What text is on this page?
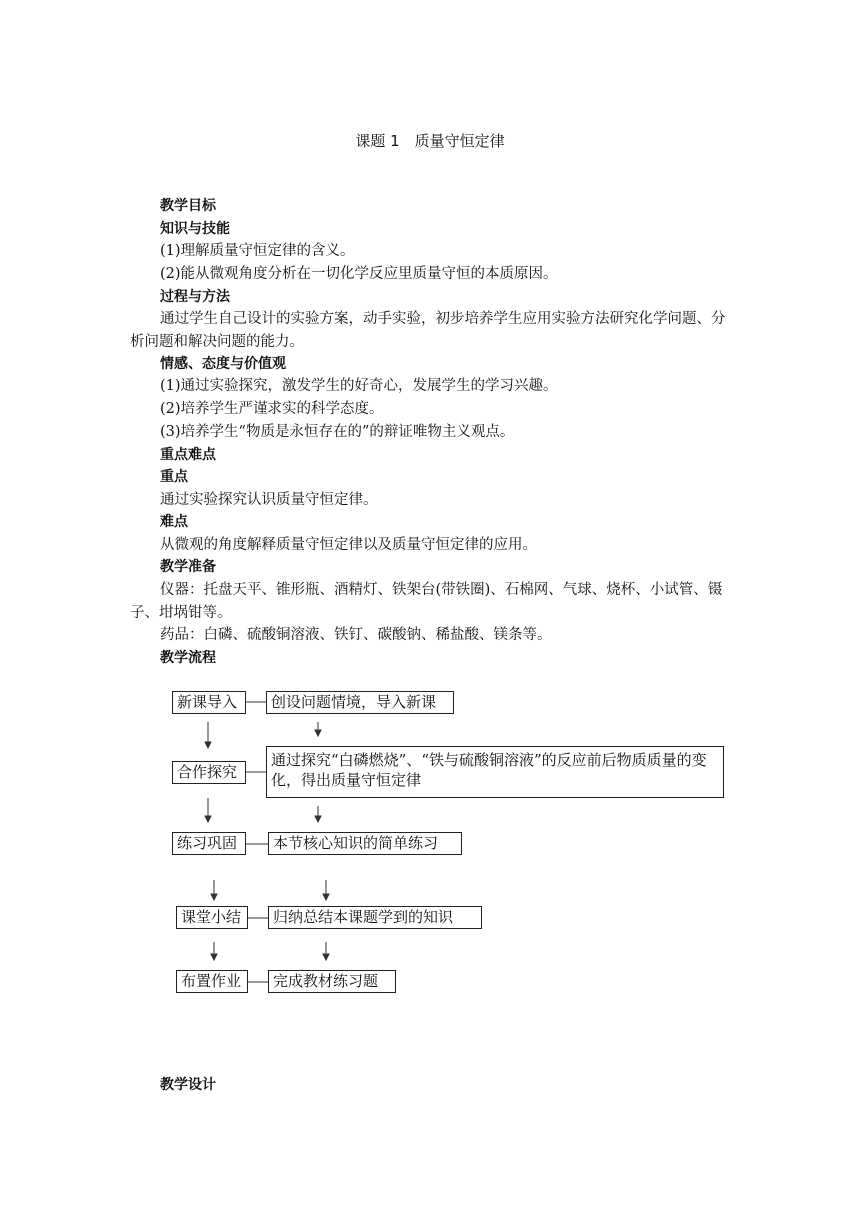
课题 1　质量守恒定律
教学目标
知识与技能
(1)理解质量守恒定律的含义。
(2)能从微观角度分析在一切化学反应里质量守恒的本质原因。
过程与方法
通过学生自己设计的实验方案，动手实验，初步培养学生应用实验方法研究化学问题、分析问题和解决问题的能力。
情感、态度与价值观
(1)通过实验探究，激发学生的好奇心，发展学生的学习兴趣。
(2)培养学生严谨求实的科学态度。
(3)培养学生“物质是永恒存在的”的辩证唯物主义观点。
重点难点
重点
通过实验探究认识质量守恒定律。
难点
从微观的角度解释质量守恒定律以及质量守恒定律的应用。
教学准备
仪器：托盘天平、锥形瓶、酒精灯、铁架台(带铁圈)、石棉网、气球、烧杯、小试管、镊子、坩埚钳等。
药品：白磷、硫酸铜溶液、铁钉、碳酸钠、稀盐酸、镁条等。
教学流程
新课导入	创设问题情境，导入新课
合作探究
通过探究“白磷燃烧”、“铁与硫酸铜溶液”的反应前后物质质量的变化，得出质量守恒定律
练习巩固	本节核心知识的简单练习
课堂小结	归纳总结本课题学到的知识
布置作业	完成教材练习题
教学设计
